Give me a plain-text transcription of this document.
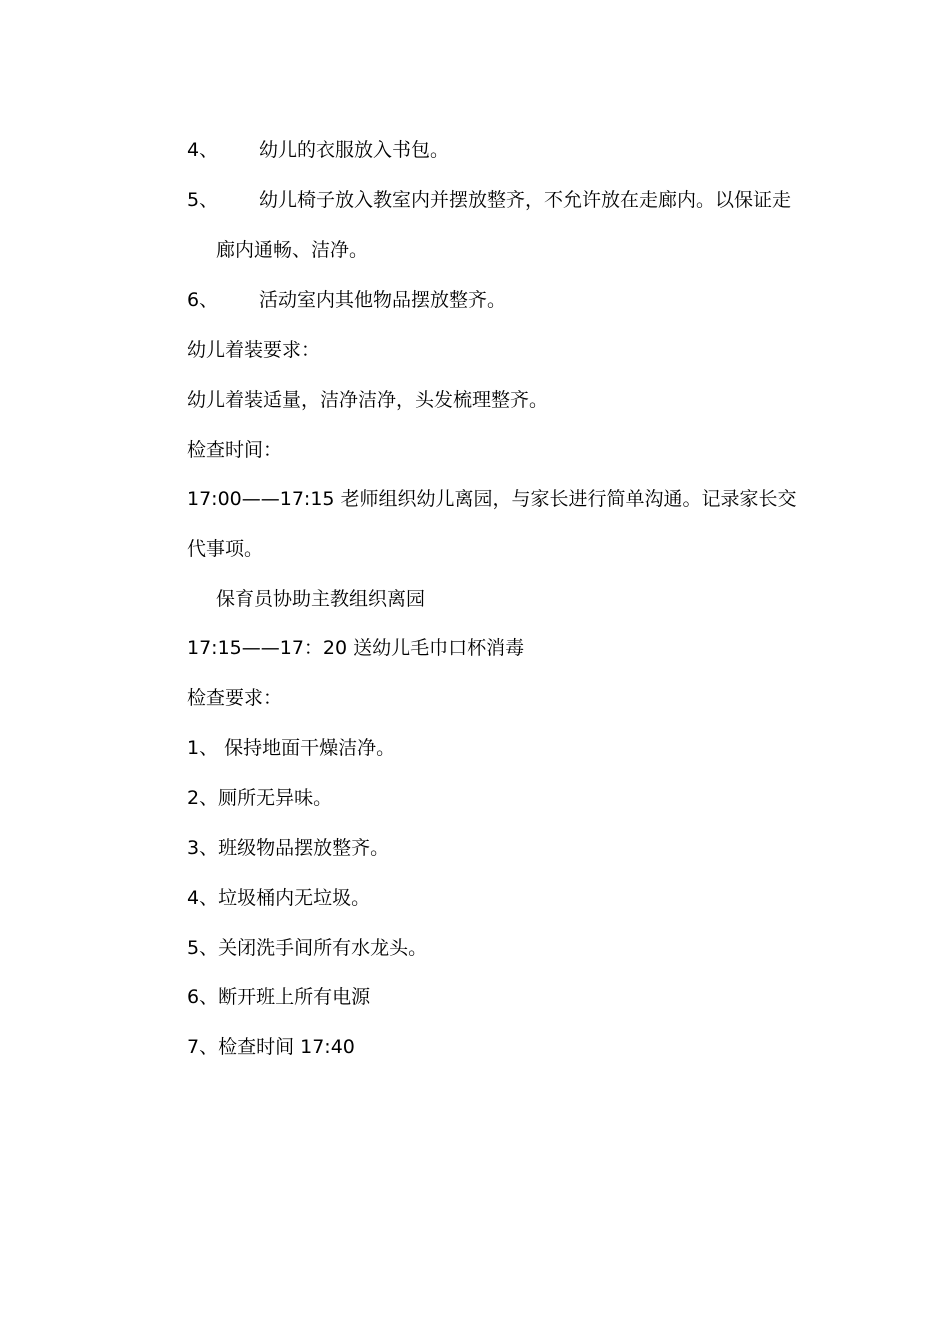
4、 幼儿的衣服放入书包。
5、 幼儿椅子放入教室内并摆放整齐，不允许放在走廊内。以保证走
廊内通畅、洁净。
6、 活动室内其他物品摆放整齐。
幼儿着装要求：
幼儿着装适量，洁净洁净，头发梳理整齐。
检查时间：
17:00——17:15 老师组织幼儿离园，与家长进行简单沟通。记录家长交
代事项。
保育员协助主教组织离园
17:15——17：20 送幼儿毛巾口杯消毒
检查要求：
1、 保持地面干燥洁净。
2、厕所无异味。
3、班级物品摆放整齐。
4、垃圾桶内无垃圾。
5、关闭洗手间所有水龙头。
6、断开班上所有电源
7、检查时间 17:40
